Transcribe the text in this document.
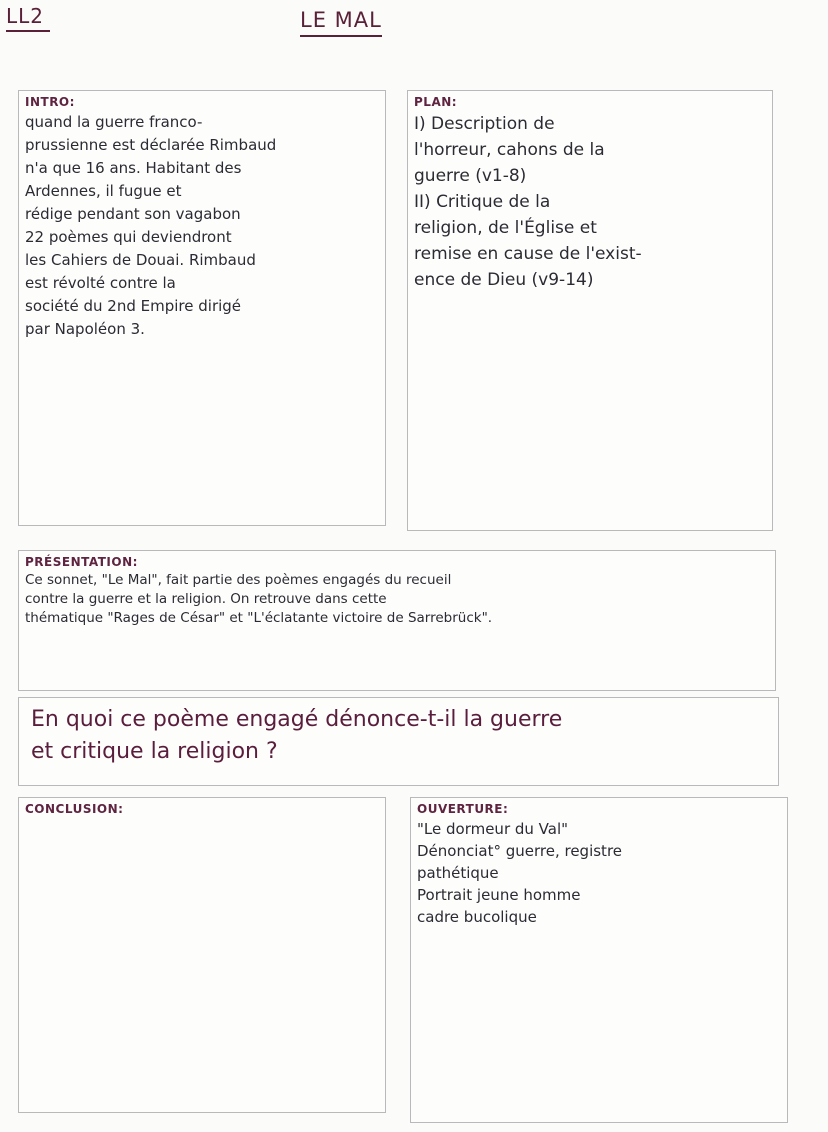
LL2	LE MAL
INTRO:
quand la guerre franco-
prussienne est déclarée Rimbaud
n'a que 16 ans. Habitant des
Ardennes, il fugue et
rédige pendant son vagabon
22 poèmes qui deviendront
les Cahiers de Douai. Rimbaud
est révolté contre la
société du 2nd Empire dirigé
par Napoléon 3.
PLAN:
I) Description de
l'horreur, cahons de la
guerre (v1-8)
II) Critique de la
religion, de l'Église et
remise en cause de l'exist-
ence de Dieu (v9-14)
PRÉSENTATION:
Ce sonnet, "Le Mal", fait partie des poèmes engagés du recueil
contre la guerre et la religion. On retrouve dans cette
thématique "Rages de César" et "L'éclatante victoire de Sarrebrück".
En quoi ce poème engagé dénonce-t-il la guerre
et critique la religion ?
CONCLUSION:	OUVERTURE:
"Le dormeur du Val"
Dénonciat° guerre, registre
pathétique
Portrait jeune homme
cadre bucolique
